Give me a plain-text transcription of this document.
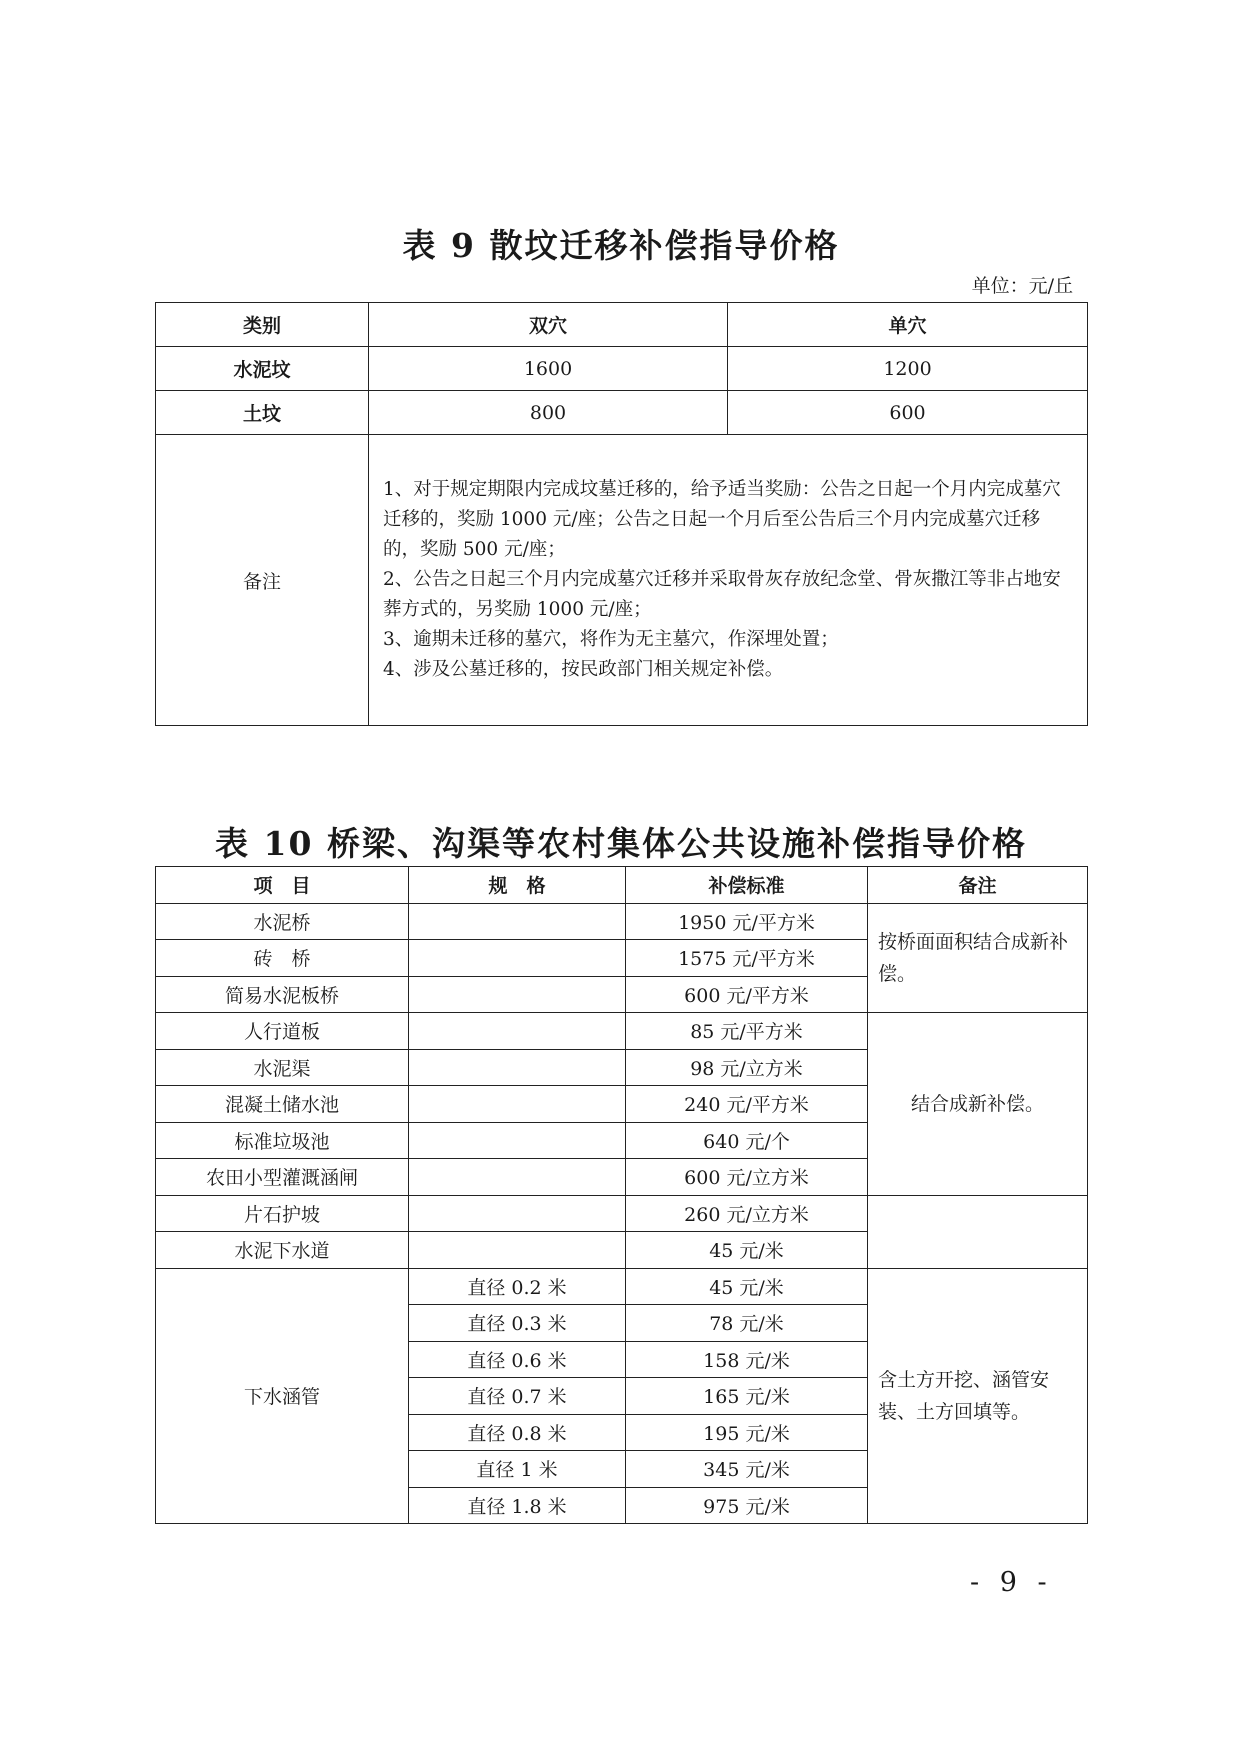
表 9 散坟迁移补偿指导价格
单位：元/丘
类别	双穴	单穴
水泥坟	1600	1200
土坟	800	600
备注	1、对于规定期限内完成坟墓迁移的，给予适当奖励：公告之日起一个月内完成墓穴迁移的，奖励 1000 元/座；公告之日起一个月后至公告后三个月内完成墓穴迁移的，奖励 500 元/座；

2、公告之日起三个月内完成墓穴迁移并采取骨灰存放纪念堂、骨灰撒江等非占地安葬方式的，另奖励 1000 元/座；

3、逾期未迁移的墓穴，将作为无主墓穴，作深埋处置；

4、涉及公墓迁移的，按民政部门相关规定补偿。	

表 10 桥梁、沟渠等农村集体公共设施补偿指导价格
项　目	规　格	补偿标准	备注
水泥桥		1950 元/平方米	按桥面面积结合成新补偿。
砖　桥		1575 元/平方米	
简易水泥板桥		600 元/平方米	
人行道板		85 元/平方米	结合成新补偿。
水泥渠		98 元/立方米	
混凝土储水池		240 元/平方米	
标准垃圾池		640 元/个	
农田小型灌溉涵闸		600 元/立方米	
片石护坡		260 元/立方米	
水泥下水道		45 元/米	
下水涵管	直径 0.2 米	45 元/米	含土方开挖、涵管安装、土方回填等。
	直径 0.3 米	78 元/米	
	直径 0.6 米	158 元/米	
	直径 0.7 米	165 元/米	
	直径 0.8 米	195 元/米	
	直径 1 米	345 元/米	
	直径 1.8 米	975 元/米	
- 9 -
